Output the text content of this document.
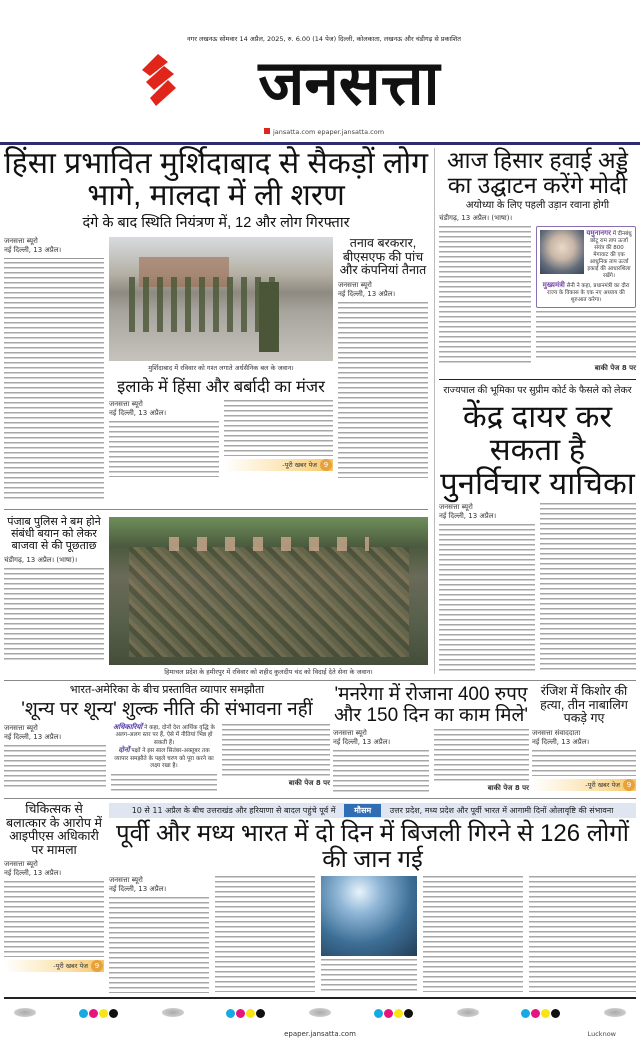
नगर लखनऊ सोमवार 14 अप्रैल, 2025, रु. 6.00 (14 पेज) दिल्ली, कोलकाता, लखनऊ और चंडीगढ़ से प्रकाशित
जनसत्ता
jansatta.com epaper.jansatta.com
हिंसा प्रभावित मुर्शिदाबाद से सैकड़ों लोग भागे, मालदा में ली शरण
दंगे के बाद स्थिति नियंत्रण में, 12 और लोग गिरफ्तार
जनसत्ता ब्यूरो
नई दिल्ली, 13 अप्रैल।
मुर्शिदाबाद में रविवार को गश्त लगाते अर्धसैनिक बल के जवान।
इलाके में हिंसा और बर्बादी का मंजर
जनसत्ता ब्यूरो
नई दिल्ली, 13 अप्रैल।
-पूरी खबर पेज 9
तनाव बरकरार, बीएसएफ की पांच और कंपनियां तैनात
जनसत्ता ब्यूरो
नई दिल्ली, 13 अप्रैल।
पंजाब पुलिस ने बम होने संबंधी बयान को लेकर बाजवा से की पूछताछ
चंडीगढ़, 13 अप्रैल। (भाषा)।
हिमाचल प्रदेश के हमीरपुर में रविवार को शहीद कुलदीप चंद को विदाई देते सेना के जवान।
आज हिसार हवाई अड्डे का उद्घाटन करेंगे मोदी
अयोध्या के लिए पहली उड़ान रवाना होगी
चंडीगढ़, 13 अप्रैल। (भाषा)।
यमुनानगर में दीनबंधु छोटू राम ताप ऊर्जा संयंत्र की 800 मेगावाट की एक आधुनिक ताप ऊर्जा इकाई की आधारशिला रखेंगे।
मुख्यमंत्री सैनी ने कहा, प्रधानमंत्री का दौरा राज्य के विकास के एक नए अध्याय की शुरुआत करेगा।
बाकी पेज 8 पर
राज्यपाल की भूमिका पर सुप्रीम कोर्ट के फैसले को लेकर
केंद्र दायर कर सकता है पुनर्विचार याचिका
जनसत्ता ब्यूरो
नई दिल्ली, 13 अप्रैल।
भारत-अमेरिका के बीच प्रस्तावित व्यापार समझौता
'शून्य पर शून्य' शुल्क नीति की संभावना नहीं
जनसत्ता ब्यूरो
नई दिल्ली, 13 अप्रैल।
अधिकारियों ने कहा, दोनों देश आर्थिक वृद्धि के अलग-अलग स्तर पर हैं, ऐसे में नीतियां भिन्न हो सकती हैं।
दोनों पक्षों ने इस साल सितंबर-अक्तूबर तक व्यापार समझौते के पहले चरण को पूरा करने का लक्ष्य रखा है।
बाकी पेज 8 पर
'मनरेगा में रोजाना 400 रुपए और 150 दिन का काम मिले'
जनसत्ता ब्यूरो
नई दिल्ली, 13 अप्रैल।
बाकी पेज 8 पर
रंजिश में किशोर की हत्या, तीन नाबालिग पकड़े गए
जनसत्ता संवाददाता
नई दिल्ली, 13 अप्रैल।
-पूरी खबर पेज 9
चिकित्सक से बलात्कार के आरोप में आइपीएस अधिकारी पर मामला
जनसत्ता ब्यूरो
नई दिल्ली, 13 अप्रैल।
-पूरी खबर पेज 9
10 से 11 अप्रैल के बीच उत्तराखंड और हरियाणा से बादल पहुंचे पूर्व में मौसम उत्तर प्रदेश, मध्य प्रदेश और पूर्वी भारत में आगामी दिनों ओलावृष्टि की संभावना
पूर्वी और मध्य भारत में दो दिन में बिजली गिरने से 126 लोगों की जान गई
जनसत्ता ब्यूरो
नई दिल्ली, 13 अप्रैल।
epaper.jansatta.com	Lucknow
